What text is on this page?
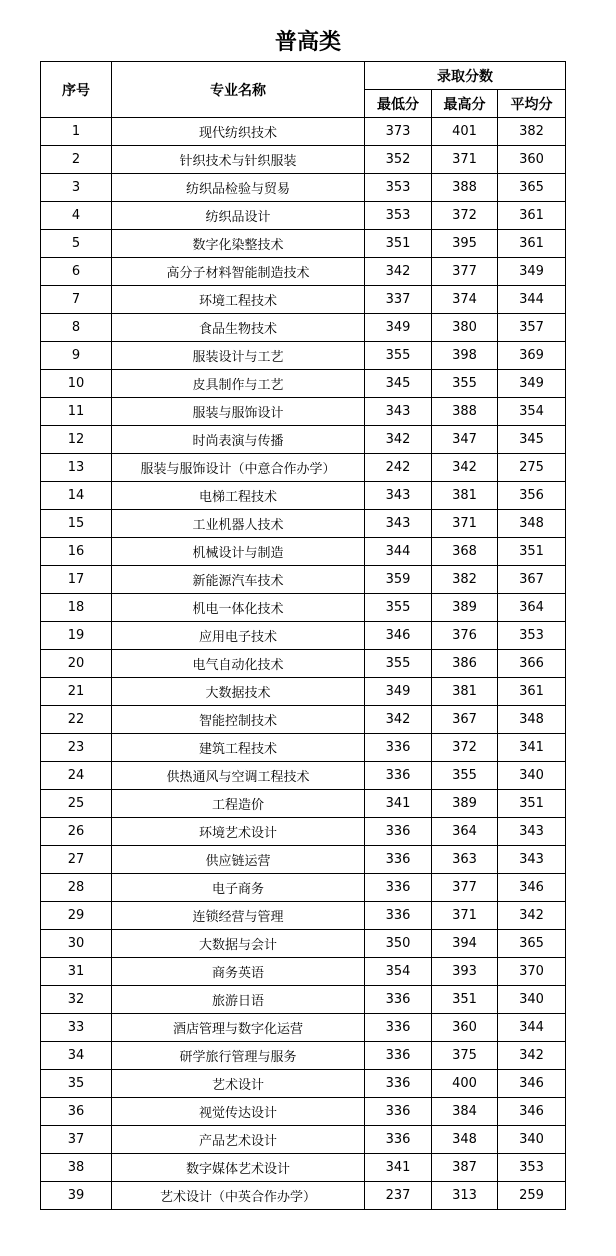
普高类
序号	专业名称	录取分数		
		最低分	最高分	平均分
1	现代纺织技术	373	401	382
2	针织技术与针织服装	352	371	360
3	纺织品检验与贸易	353	388	365
4	纺织品设计	353	372	361
5	数字化染整技术	351	395	361
6	高分子材料智能制造技术	342	377	349
7	环境工程技术	337	374	344
8	食品生物技术	349	380	357
9	服装设计与工艺	355	398	369
10	皮具制作与工艺	345	355	349
11	服装与服饰设计	343	388	354
12	时尚表演与传播	342	347	345
13	服装与服饰设计（中意合作办学）	242	342	275
14	电梯工程技术	343	381	356
15	工业机器人技术	343	371	348
16	机械设计与制造	344	368	351
17	新能源汽车技术	359	382	367
18	机电一体化技术	355	389	364
19	应用电子技术	346	376	353
20	电气自动化技术	355	386	366
21	大数据技术	349	381	361
22	智能控制技术	342	367	348
23	建筑工程技术	336	372	341
24	供热通风与空调工程技术	336	355	340
25	工程造价	341	389	351
26	环境艺术设计	336	364	343
27	供应链运营	336	363	343
28	电子商务	336	377	346
29	连锁经营与管理	336	371	342
30	大数据与会计	350	394	365
31	商务英语	354	393	370
32	旅游日语	336	351	340
33	酒店管理与数字化运营	336	360	344
34	研学旅行管理与服务	336	375	342
35	艺术设计	336	400	346
36	视觉传达设计	336	384	346
37	产品艺术设计	336	348	340
38	数字媒体艺术设计	341	387	353
39	艺术设计（中英合作办学）	237	313	259
